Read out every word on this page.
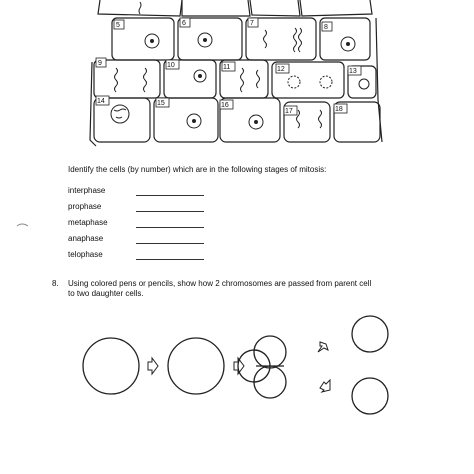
5	6	7
8
9	10	11	12	13
14	15	16
17	18
Identify the cells (by number) which are in the following stages of mitosis:
interphase
prophase
metaphase
anaphase
telophase
8. Using colored pens or pencils, show how 2 chromosomes are passed from parent cell
to two daughter cells.
